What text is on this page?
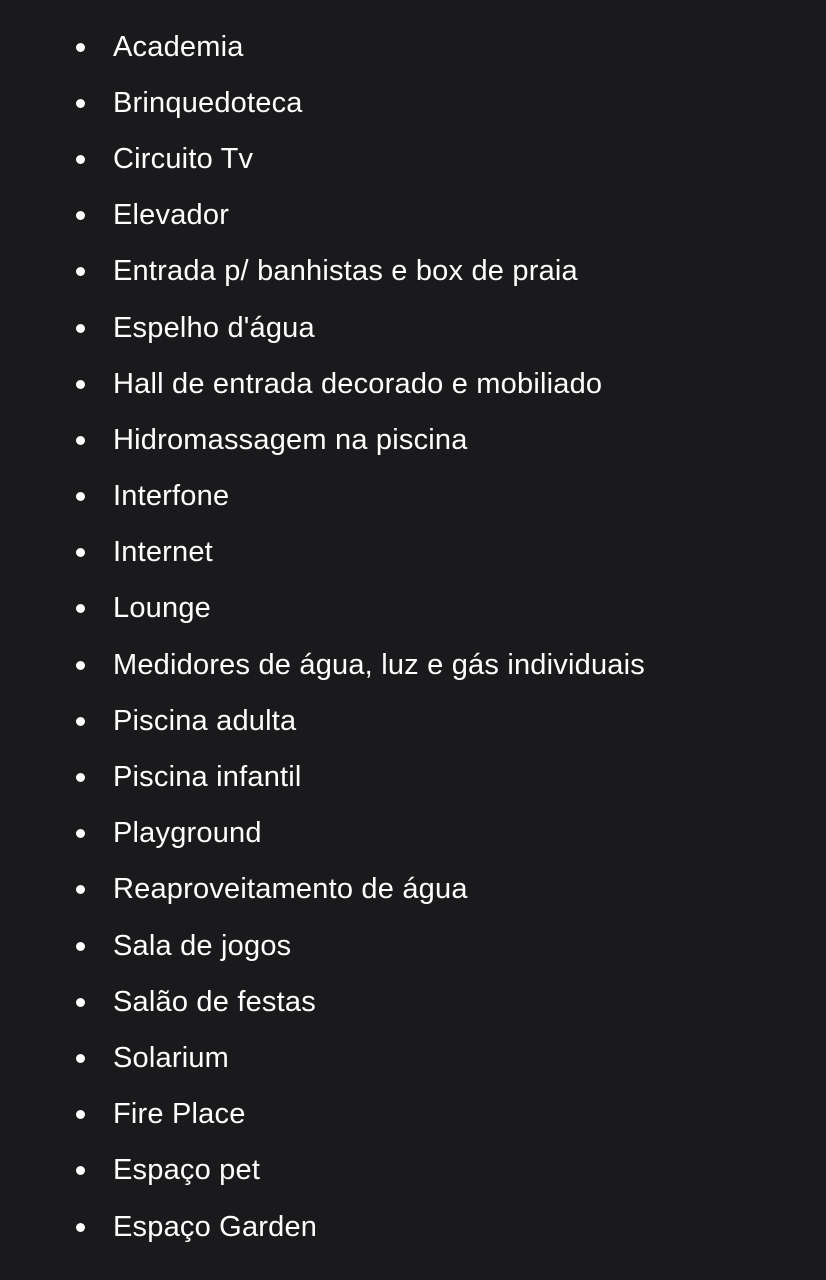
Academia
Brinquedoteca
Circuito Tv
Elevador
Entrada p/ banhistas e box de praia
Espelho d'água
Hall de entrada decorado e mobiliado
Hidromassagem na piscina
Interfone
Internet
Lounge
Medidores de água, luz e gás individuais
Piscina adulta
Piscina infantil
Playground
Reaproveitamento de água
Sala de jogos
Salão de festas
Solarium
Fire Place
Espaço pet
Espaço Garden
